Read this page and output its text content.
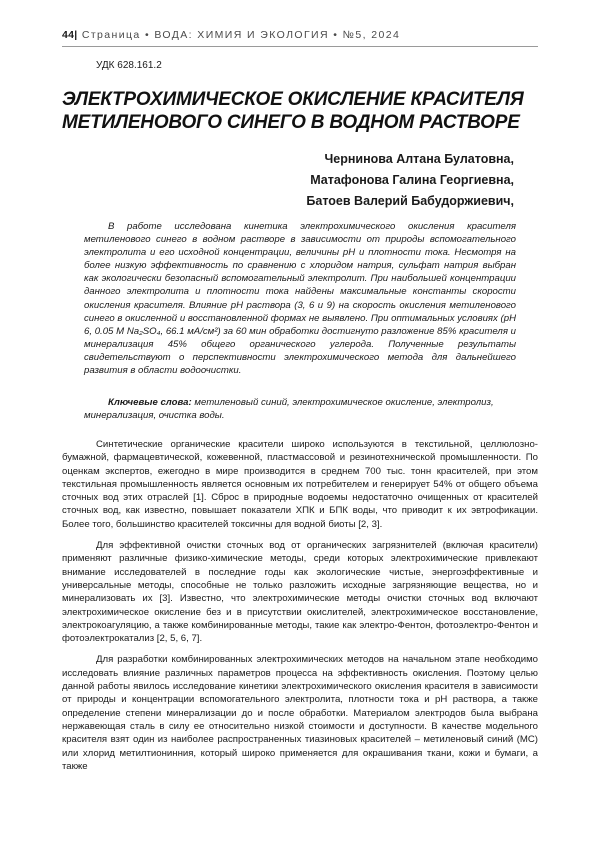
44| Страница • ВОДА: ХИМИЯ И ЭКОЛОГИЯ • №5, 2024
УДК 628.161.2
ЭЛЕКТРОХИМИЧЕСКОЕ ОКИСЛЕНИЕ КРАСИТЕЛЯ МЕТИЛЕНОВОГО СИНЕГО В ВОДНОМ РАСТВОРЕ
Чернинова Алтана Булатовна,
Матафонова Галина Георгиевна,
Батоев Валерий Бабудоржиевич,

В работе исследована кинетика электрохимического окисления красителя метиленового синего в водном растворе в зависимости от природы вспомогательного электролита и его исходной концентрации, величины pH и плотности тока. Несмотря на более низкую эффективность по сравнению с хлоридом натрия, сульфат натрия выбран как экологически безопасный вспомогательный электролит. При наибольшей концентрации данного электролита и плотности тока найдены максимальные константы скорости окисления красителя. Влияние pH раствора (3, 6 и 9) на скорость окисления метиленового синего в окисленной и восстановленной формах не выявлено. При оптимальных условиях (pH 6, 0.05 M Na₂SO₄, 66.1 мА/см²) за 60 мин обработки достигнуто разложение 85% красителя и минерализация 45% общего органического углерода. Полученные результаты свидетельствуют о перспективности электрохимического метода для дальнейшего развития в области водоочистки.

Ключевые слова: метиленовый синий, электрохимическое окисление, электролиз, минерализация, очистка воды.

Синтетические органические красители широко используются в текстильной, целлюлозно-бумажной, фармацевтической, кожевенной, пластмассовой и резинотехнической промышленности. По оценкам экспертов, ежегодно в мире производится в среднем 700 тыс. тонн красителей, при этом текстильная промышленность является основным их потребителем и генерирует 54% от общего объема сточных вод этих отраслей [1]. Сброс в природные водоемы недостаточно очищенных от красителей сточных вод, как известно, повышает показатели ХПК и БПК воды, что приводит к их эвтрофикации. Более того, большинство красителей токсичны для водной биоты [2, 3].

Для эффективной очистки сточных вод от органических загрязнителей (включая красители) применяют различные физико-химические методы, среди которых электрохимические привлекают внимание исследователей в последние годы как экологические чистые, энергоэффективные и универсальные методы, способные не только разложить исходные загрязняющие вещества, но и минерализовать их [3]. Известно, что электрохимические методы очистки сточных вод включают электрохимическое окисление без и в присутствии окислителей, электрохимическое восстановление, электрокоагуляцию, а также комбинированные методы, такие как электро-Фентон, фотоэлектро-Фентон и фотоэлектрокатализ [2, 5, 6, 7].

Для разработки комбинированных электрохимических методов на начальном этапе необходимо исследовать влияние различных параметров процесса на эффективность окисления. Поэтому целью данной работы явилось исследование кинетики электрохимического окисления красителя в зависимости от природы и концентрации вспомогательного электролита, плотности тока и pH раствора, а также определение степени минерализации до и после обработки. Материалом электродов была выбрана нержавеющая сталь в силу ее относительно низкой стоимости и доступности. В качестве модельного красителя взят один из наиболее распространенных тиазиновых красителей – метиленовый синий (МС) или хлорид метилтионинния, который широко применяется для окрашивания ткани, кожи и бумаги, а также
